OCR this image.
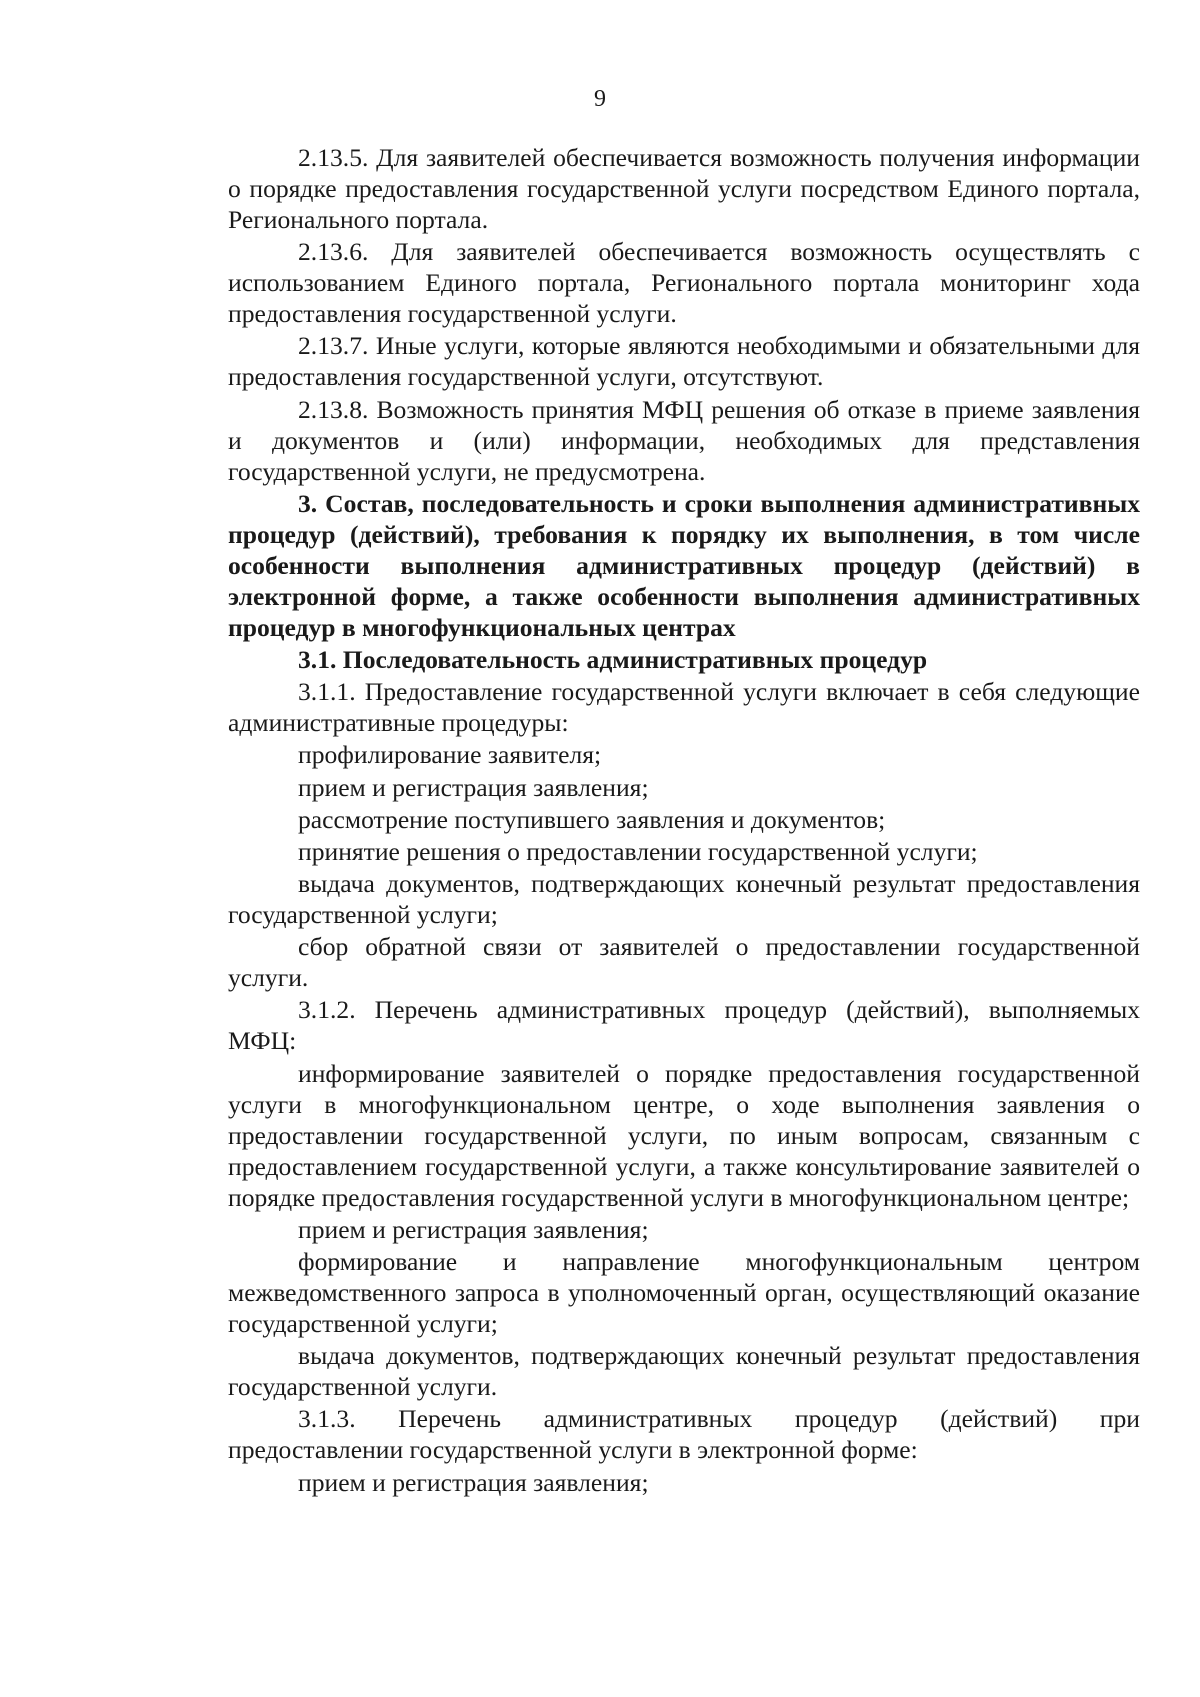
9

2.13.5. Для заявителей обеспечивается возможность получения информации о порядке предоставления государственной услуги посредством Единого портала, Регионального портала.

2.13.6. Для заявителей обеспечивается возможность осуществлять с использованием Единого портала, Регионального портала мониторинг хода предоставления государственной услуги.

2.13.7. Иные услуги, которые являются необходимыми и обязательными для предоставления государственной услуги, отсутствуют.

2.13.8. Возможность принятия МФЦ решения об отказе в приеме заявления и документов и (или) информации, необходимых для представления государственной услуги, не предусмотрена.

3. Состав, последовательность и сроки выполнения административных процедур (действий), требования к порядку их выполнения, в том числе особенности выполнения административных процедур (действий) в электронной форме, а также особенности выполнения административных процедур в многофункциональных центрах

3.1. Последовательность административных процедур

3.1.1. Предоставление государственной услуги включает в себя следующие административные процедуры:

профилирование заявителя;

прием и регистрация заявления;

рассмотрение поступившего заявления и документов;

принятие решения о предоставлении государственной услуги;

выдача документов, подтверждающих конечный результат предоставления государственной услуги;

сбор обратной связи от заявителей о предоставлении государственной услуги.

3.1.2. Перечень административных процедур (действий), выполняемых МФЦ:

информирование заявителей о порядке предоставления государственной услуги в многофункциональном центре, о ходе выполнения заявления о предоставлении государственной услуги, по иным вопросам, связанным с предоставлением государственной услуги, а также консультирование заявителей о порядке предоставления государственной услуги в многофункциональном центре;

прием и регистрация заявления;

формирование и направление многофункциональным центром межведомственного запроса в уполномоченный орган, осуществляющий оказание государственной услуги;

выдача документов, подтверждающих конечный результат предоставления государственной услуги.

3.1.3. Перечень административных процедур (действий) при предоставлении государственной услуги в электронной форме:

прием и регистрация заявления;
